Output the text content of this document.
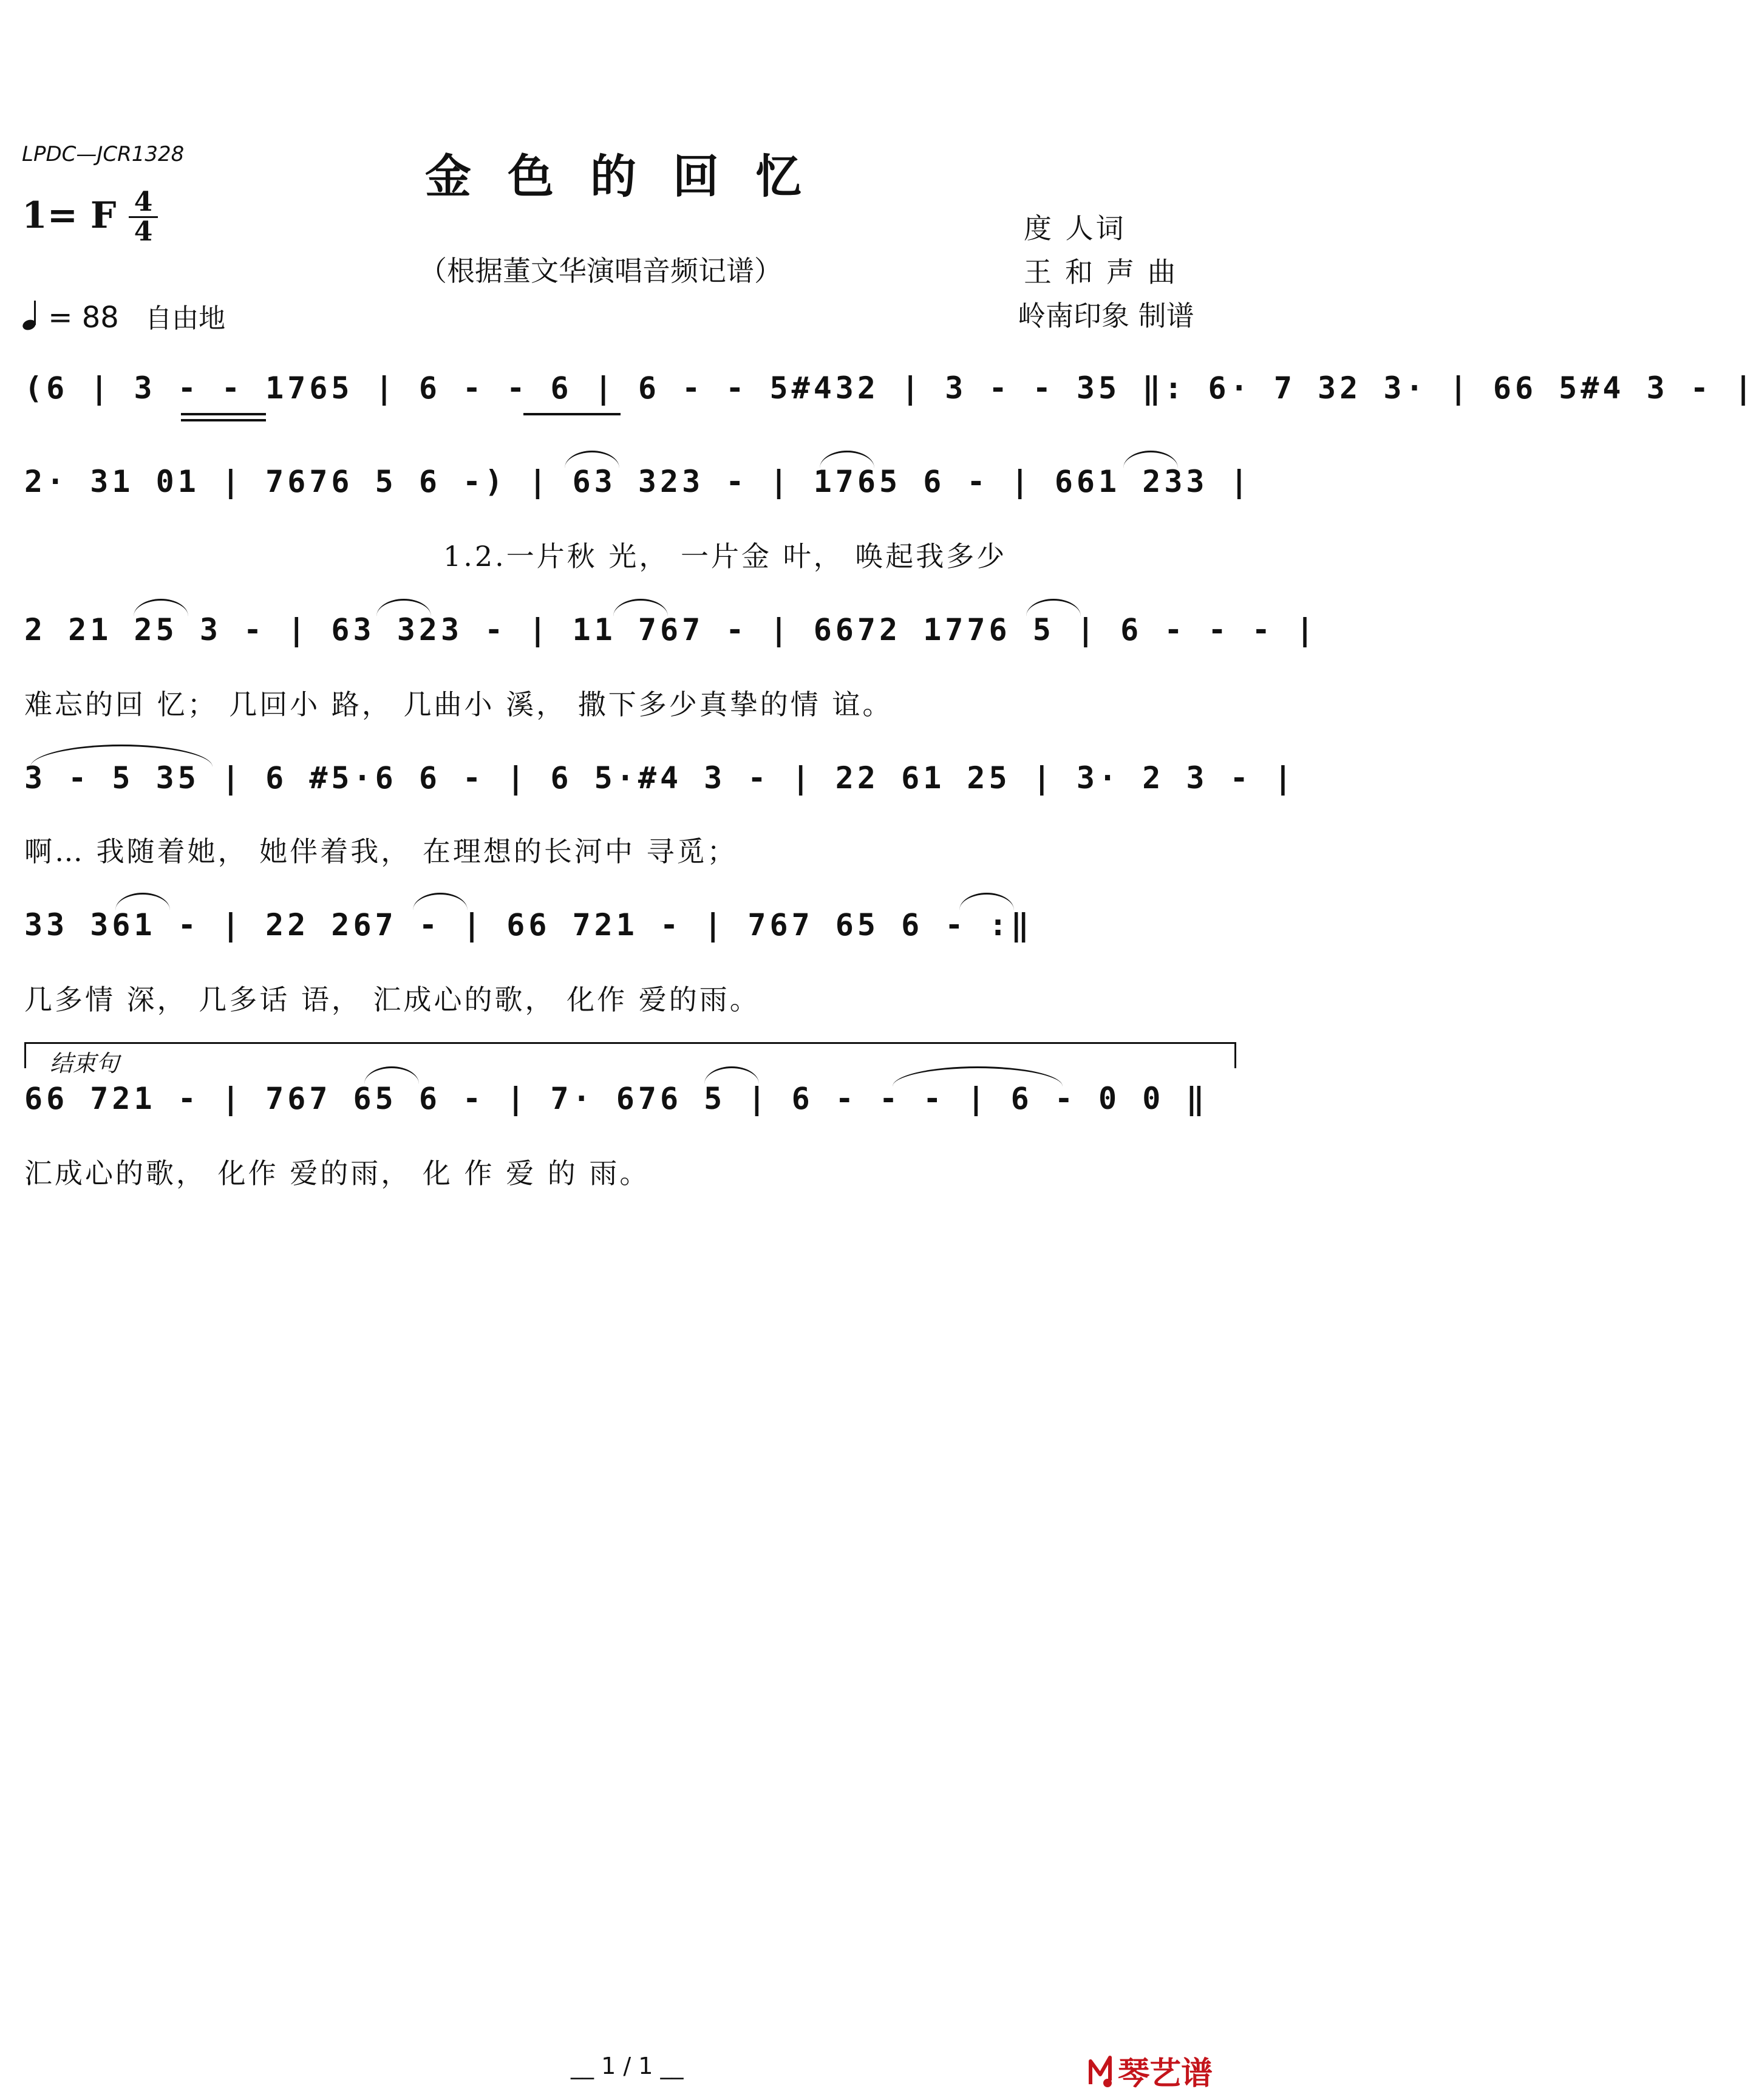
LPDC—JCR1328	金色的回忆
1= F 4
4
（根据董文华演唱音频记谱）
度 人词
王和声曲
岭南印象 制谱
= 88 自由地
(6 | 3 - - 1765 | 6 - - 6 | 6 - - 5#432 | 3 - - 35 ‖: 6· 7 32 3· | 66 5#4 3 - |
2· 31 01 | 7676 5 6 -) | 63 323 - | 1765 6 - | 661 233 |
1.2.一片秋 光， 一片金 叶， 唤起我多少
2 21 25 3 - | 63 323 - | 11 767 - | 6672 1776 5 | 6 - - - |
难忘的回 忆； 几回小 路， 几曲小 溪， 撒下多少真挚的情 谊。
3 - 5 35 | 6 #5·6 6 - | 6 5·#4 3 - | 22 61 25 | 3· 2 3 - |
啊… 我随着她， 她伴着我， 在理想的长河中 寻觅；
33 361 - | 22 267 - | 66 721 - | 767 65 6 - :‖
几多情 深， 几多话 语， 汇成心的歌， 化作 爱的雨。
结束句
66 721 - | 767 65 6 - | 7· 676 5 | 6 - - - | 6 - 0 0 ‖
汇成心的歌， 化作 爱的雨， 化 作 爱 的 雨。
__ 1 / 1 __	琴艺谱
